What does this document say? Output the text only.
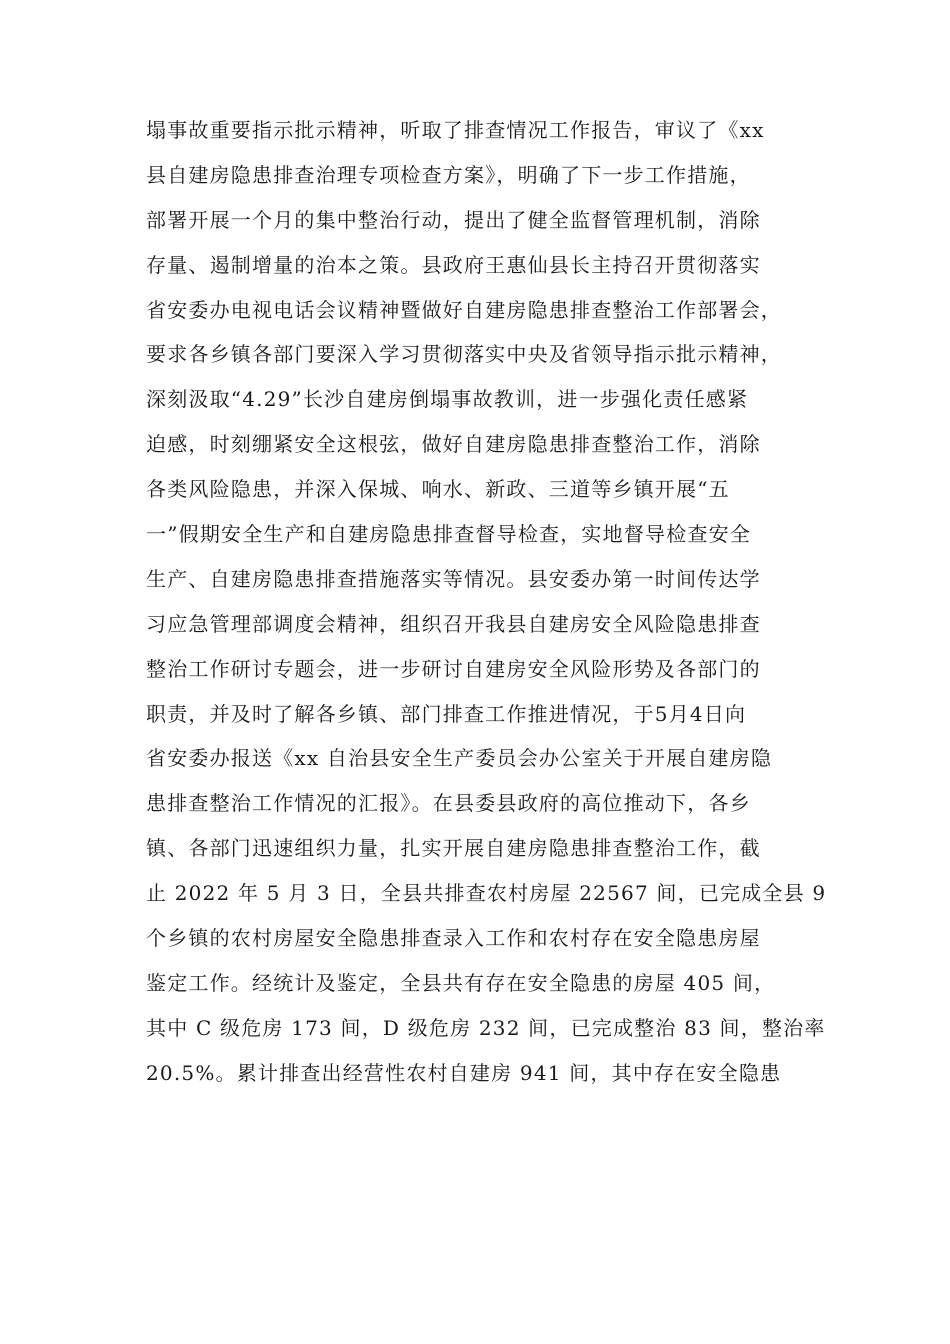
塌事故重要指示批示精神，听取了排查情况工作报告，审议了《xx
县自建房隐患排查治理专项检查方案》，明确了下一步工作措施，
部署开展一个月的集中整治行动，提出了健全监督管理机制，消除
存量、遏制增量的治本之策。县政府王惠仙县长主持召开贯彻落实
省安委办电视电话会议精神暨做好自建房隐患排查整治工作部署会，
要求各乡镇各部门要深入学习贯彻落实中央及省领导指示批示精神，
深刻汲取“4.29”长沙自建房倒塌事故教训，进一步强化责任感紧
迫感，时刻绷紧安全这根弦，做好自建房隐患排查整治工作，消除
各类风险隐患，并深入保城、响水、新政、三道等乡镇开展“五
一”假期安全生产和自建房隐患排查督导检查，实地督导检查安全
生产、自建房隐患排查措施落实等情况。县安委办第一时间传达学
习应急管理部调度会精神，组织召开我县自建房安全风险隐患排查
整治工作研讨专题会，进一步研讨自建房安全风险形势及各部门的
职责，并及时了解各乡镇、部门排查工作推进情况，于5月4日向
省安委办报送《xx 自治县安全生产委员会办公室关于开展自建房隐
患排查整治工作情况的汇报》。在县委县政府的高位推动下，各乡
镇、各部门迅速组织力量，扎实开展自建房隐患排查整治工作，截
止 2022 年 5 月 3 日，全县共排查农村房屋 22567 间，已完成全县 9
个乡镇的农村房屋安全隐患排查录入工作和农村存在安全隐患房屋
鉴定工作。经统计及鉴定，全县共有存在安全隐患的房屋 405 间，
其中 C 级危房 173 间，D 级危房 232 间，已完成整治 83 间，整治率
20.5%。累计排查出经营性农村自建房 941 间，其中存在安全隐患
